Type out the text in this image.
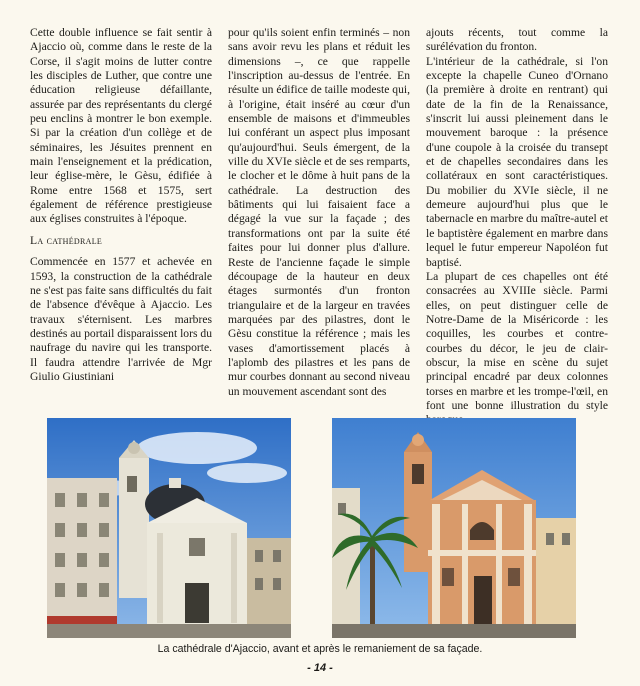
Cette double influence se fait sentir à Ajaccio où, comme dans le reste de la Corse, il s'agit moins de lutter contre les disciples de Luther, que contre une éducation religieuse défaillante, assurée par des représentants du clergé peu enclins à montrer le bon exemple. Si par la création d'un collège et de séminaires, les Jésuites prennent en main l'enseignement et la prédication, leur église-mère, le Gèsu, édifiée à Rome entre 1568 et 1575, sert également de référence prestigieuse aux églises construites à l'époque.

La cathédrale

Commencée en 1577 et achevée en 1593, la construction de la cathédrale ne s'est pas faite sans difficultés du fait de l'absence d'évêque à Ajaccio. Les travaux s'éternisent. Les marbres destinés au portail disparaissent lors du naufrage du navire qui les transporte. Il faudra attendre l'arrivée de Mgr Giulio Giustiniani

pour qu'ils soient enfin terminés – non sans avoir revu les plans et réduit les dimensions –, ce que rappelle l'inscription au-dessus de l'entrée. En résulte un édifice de taille modeste qui, à l'origine, était inséré au cœur d'un ensemble de maisons et d'immeubles lui conférant un aspect plus imposant qu'aujourd'hui. Seuls émergent, de la ville du XVIe siècle et de ses remparts, le clocher et le dôme à huit pans de la cathédrale. La destruction des bâtiments qui lui faisaient face a dégagé la vue sur la façade ; des transformations ont par la suite été faites pour lui donner plus d'allure. Reste de l'ancienne façade le simple découpage de la hauteur en deux étages surmontés d'un fronton triangulaire et de la largeur en travées marquées par des pilastres, dont le Gèsu constitue la référence ; mais les vases d'amortissement placés à l'aplomb des pilastres et les pans de mur courbes donnant au second niveau un mouvement ascendant sont des

ajouts récents, tout comme la surélévation du fronton.

L'intérieur de la cathédrale, si l'on excepte la chapelle Cuneo d'Ornano (la première à droite en rentrant) qui date de la fin de la Renaissance, s'inscrit lui aussi pleinement dans le mouvement baroque : la présence d'une coupole à la croisée du transept et de chapelles secondaires dans les collatéraux en sont caractéristiques. Du mobilier du XVIe siècle, il ne demeure aujourd'hui plus que le tabernacle en marbre du maître-autel et le baptistère également en marbre dans lequel le futur empereur Napoléon fut baptisé.

La plupart de ces chapelles ont été consacrées au XVIIIe siècle. Parmi elles, on peut distinguer celle de Notre-Dame de la Miséricorde : les coquilles, les courbes et contre-courbes du décor, le jeu de clair-obscur, la mise en scène du sujet principal encadré par deux colonnes torses en marbre et les trompe-l'œil, en font une bonne illustration du style

La cathédrale d'Ajaccio, avant et après le remaniement de sa façade.
- 14 -
